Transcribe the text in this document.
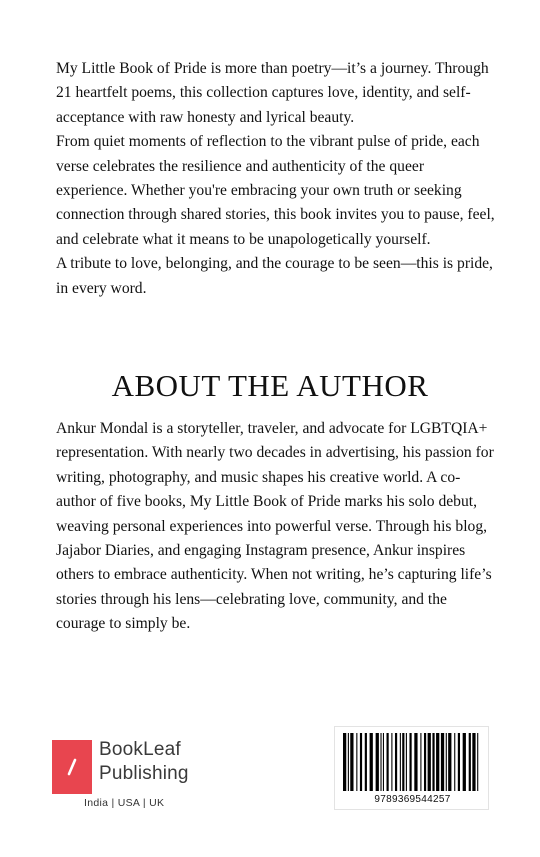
My Little Book of Pride is more than poetry—it’s a journey. Through 21 heartfelt poems, this collection captures love, identity, and self-acceptance with raw honesty and lyrical beauty.

From quiet moments of reflection to the vibrant pulse of pride, each verse celebrates the resilience and authenticity of the queer experience. Whether you're embracing your own truth or seeking connection through shared stories, this book invites you to pause, feel, and celebrate what it means to be unapologetically yourself.

A tribute to love, belonging, and the courage to be seen—this is pride, in every word.

ABOUT THE AUTHOR

Ankur Mondal is a storyteller, traveler, and advocate for LGBTQIA+ representation. With nearly two decades in advertising, his passion for writing, photography, and music shapes his creative world. A co-author of five books, My Little Book of Pride marks his solo debut, weaving personal experiences into powerful verse. Through his blog, Jajabor Diaries, and engaging Instagram presence, Ankur inspires others to embrace authenticity. When not writing, he’s capturing life’s stories through his lens—celebrating love, community, and the courage to simply be.

BookLeaf
Publishing
India | USA | UK	9789369544257
